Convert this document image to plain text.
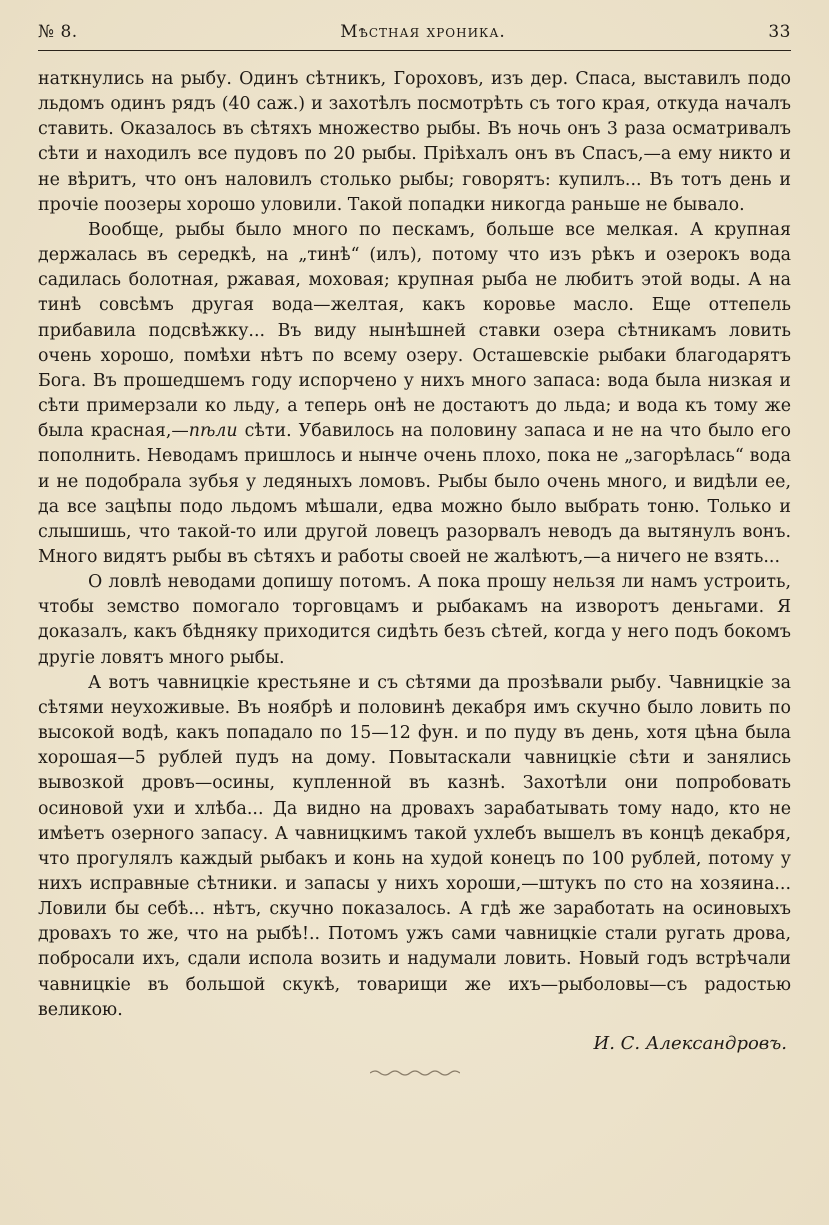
№ 8.	Мѣстная хроника.	33

наткнулись на рыбу. Одинъ сѣтникъ, Гороховъ, изъ дер. Спаса, выставилъ подо льдомъ одинъ рядъ (40 саж.) и захотѣлъ посмотрѣть съ того края, откуда началъ ставить. Оказалось въ сѣтяхъ множество рыбы. Въ ночь онъ 3 раза осматривалъ сѣти и находилъ все пудовъ по 20 рыбы. Пріѣхалъ онъ въ Спасъ,—а ему никто и не вѣритъ, что онъ наловилъ столько рыбы; говорятъ: купилъ... Въ тотъ день и прочіе поозеры хорошо уловили. Такой попадки никогда раньше не бывало.

Вообще, рыбы было много по пескамъ, больше все мелкая. А крупная держалась въ середкѣ, на „тинѣ“ (илъ), потому что изъ рѣкъ и озерокъ вода садилась болотная, ржавая, моховая; крупная рыба не любитъ этой воды. А на тинѣ совсѣмъ другая вода—желтая, какъ коровье масло. Еще оттепель прибавила подсвѣжку... Въ виду нынѣшней ставки озера сѣтникамъ ловить очень хорошо, помѣхи нѣтъ по всему озеру. Осташевскіе рыбаки благодарятъ Бога. Въ прошедшемъ году испорчено у нихъ много запаса: вода была низкая и сѣти примерзали ко льду, а теперь онѣ не достаютъ до льда; и вода къ тому же была красная,—пѣли сѣти. Убавилось на половину запаса и не на что было его пополнить. Неводамъ пришлось и нынче очень плохо, пока не „загорѣлась“ вода и не подобрала зубья у ледяныхъ ломовъ. Рыбы было очень много, и видѣли ее, да все зацѣпы подо льдомъ мѣшали, едва можно было выбрать тоню. Только и слышишь, что такой-то или другой ловецъ разорвалъ неводъ да вытянулъ вонъ. Много видятъ рыбы въ сѣтяхъ и работы своей не жалѣютъ,—а ничего не взять...

О ловлѣ неводами допишу потомъ. А пока прошу нельзя ли намъ устроить, чтобы земство помогало торговцамъ и рыбакамъ на изворотъ деньгами. Я доказалъ, какъ бѣдняку приходится сидѣть безъ сѣтей, когда у него подъ бокомъ другіе ловятъ много рыбы.

А вотъ чавницкіе крестьяне и съ сѣтями да прозѣвали рыбу. Чавницкіе за сѣтями неухоживые. Въ ноябрѣ и половинѣ декабря имъ скучно было ловить по высокой водѣ, какъ попадало по 15—12 фун. и по пуду въ день, хотя цѣна была хорошая—5 рублей пудъ на дому. Повытаскали чавницкіе сѣти и занялись вывозкой дровъ—осины, купленной въ казнѣ. Захотѣли они попробовать осиновой ухи и хлѣба... Да видно на дровахъ зарабатывать тому надо, кто не имѣетъ озерного запасу. А чавницкимъ такой ухлебъ вышелъ въ концѣ декабря, что прогулялъ каждый рыбакъ и конь на худой конецъ по 100 рублей, потому у нихъ исправные сѣтники. и запасы у нихъ хороши,—штукъ по сто на хозяина... Ловили бы себѣ... нѣтъ, скучно показалось. А гдѣ же заработать на осиновыхъ дровахъ то же, что на рыбѣ!.. Потомъ ужъ сами чавницкіе стали ругать дрова, побросали ихъ, сдали испола возить и надумали ловить. Новый годъ встрѣчали чавницкіе въ большой скукѣ, товарищи же ихъ—рыболовы—съ радостью великою.

И. С. Александровъ.
